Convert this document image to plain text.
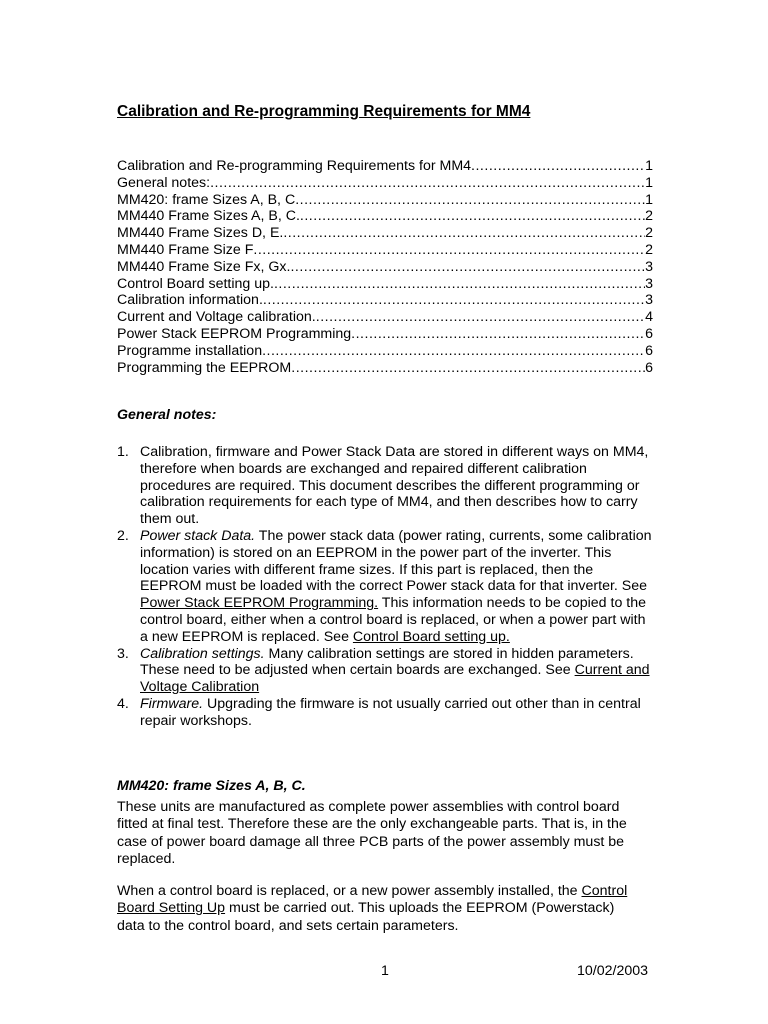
Calibration and Re-programming Requirements for MM4
Calibration and Re-programming Requirements for MM4 .....	1
General notes: .....	1
MM420: frame Sizes A, B, C .....	1
MM440 Frame Sizes A, B, C. .....	2
MM440 Frame Sizes D, E. .....	2
MM440 Frame Size F .....	2
MM440 Frame Size Fx, Gx. .....	3
Control Board setting up. .....	3
Calibration information. .....	3
Current and Voltage calibration. .....	4
Power Stack EEPROM Programming .....	6
Programme installation .....	6
Programming the EEPROM .....	6
General notes:
1. Calibration, firmware and Power Stack Data are stored in different ways on MM4, therefore when boards are exchanged and repaired different calibration procedures are required. This document describes the different programming or calibration requirements for each type of MM4, and then describes how to carry them out.
2. Power stack Data. The power stack data (power rating, currents, some calibration information) is stored on an EEPROM in the power part of the inverter. This location varies with different frame sizes. If this part is replaced, then the EEPROM must be loaded with the correct Power stack data for that inverter. See Power Stack EEPROM Programming. This information needs to be copied to the control board, either when a control board is replaced, or when a power part with a new EEPROM is replaced. See Control Board setting up.
3. Calibration settings. Many calibration settings are stored in hidden parameters. These need to be adjusted when certain boards are exchanged. See Current and Voltage Calibration
4. Firmware. Upgrading the firmware is not usually carried out other than in central repair workshops.
MM420: frame Sizes A, B, C.
These units are manufactured as complete power assemblies with control board fitted at final test. Therefore these are the only exchangeable parts. That is, in the case of power board damage all three PCB parts of the power assembly must be replaced.
When a control board is replaced, or a new power assembly installed, the Control Board Setting Up must be carried out. This uploads the EEPROM (Powerstack) data to the control board, and sets certain parameters.
1	10/02/2003
